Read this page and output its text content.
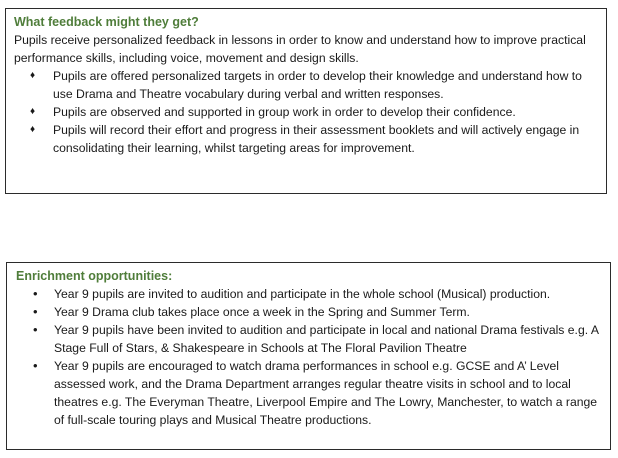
What feedback might they get?

Pupils receive personalized feedback in lessons in order to know and understand how to improve practical performance skills, including voice, movement and design skills.

♦ Pupils are offered personalized targets in order to develop their knowledge and understand how to use Drama and Theatre vocabulary during verbal and written responses.
♦ Pupils are observed and supported in group work in order to develop their confidence.
♦ Pupils will record their effort and progress in their assessment booklets and will actively engage in consolidating their learning, whilst targeting areas for improvement.

Enrichment opportunities:

• Year 9 pupils are invited to audition and participate in the whole school (Musical) production.
• Year 9 Drama club takes place once a week in the Spring and Summer Term.
• Year 9 pupils have been invited to audition and participate in local and national Drama festivals e.g. A Stage Full of Stars, & Shakespeare in Schools at The Floral Pavilion Theatre
• Year 9 pupils are encouraged to watch drama performances in school e.g. GCSE and A’ Level assessed work, and the Drama Department arranges regular theatre visits in school and to local theatres e.g. The Everyman Theatre, Liverpool Empire and The Lowry, Manchester, to watch a range of full-scale touring plays and Musical Theatre productions.
